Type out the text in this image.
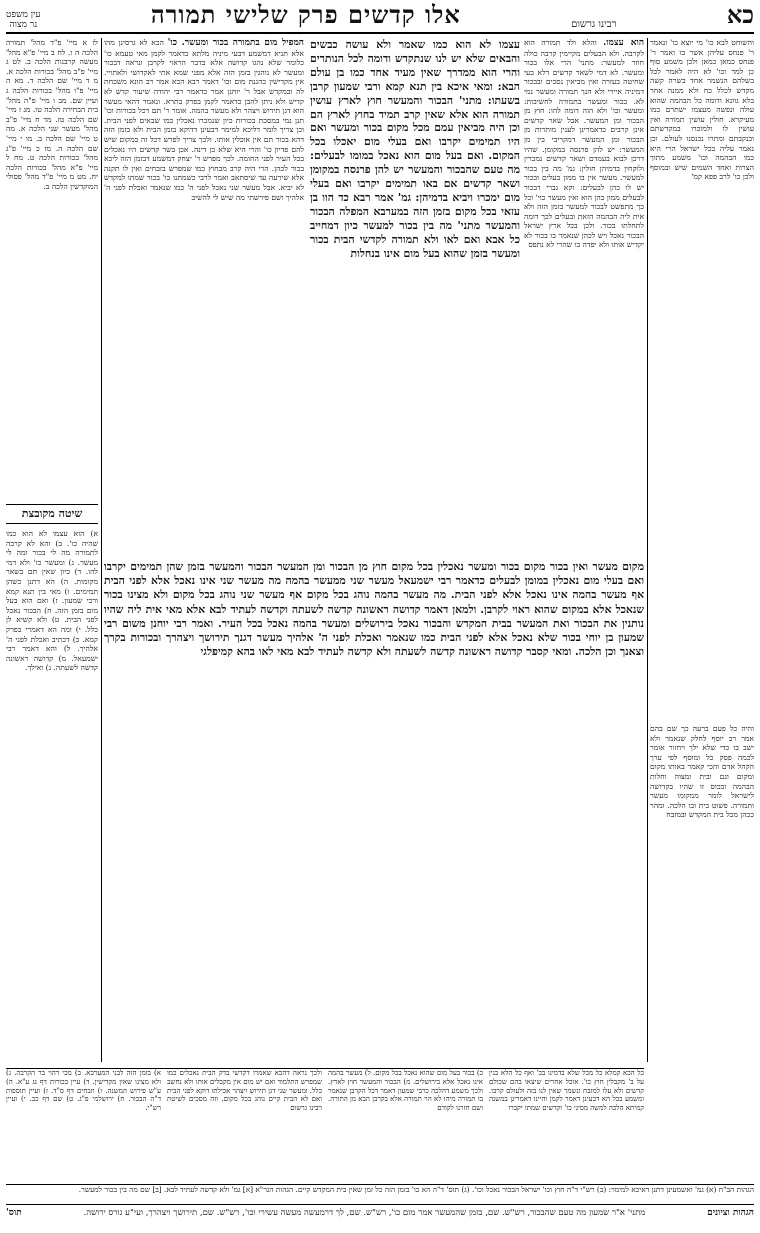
כא
רבינו גרשום
אלו קדשים פרק שלישי תמורה
עין משפט
נר מצוה

והשוחט לבא כו' מי יוצא כו' ונאמר ר' פנחס עליהן אשר בו ואמר ר' פנחס כמאן כמאן ולכן משמע סוף כן למד וכו' לא היה לאמר לכל בשלהם הנשמר אחד בשרה קשה מקדש לכלל כח ולא ממנה אחר בלא גוונא ודומה כל הבהמה שהוא עולה ונפשה מעצמו ישתרם כמו מעיקרא. חולין עושין תמורה ואין עושין לו ולמוכרו במקדשתם ובנקבתם ומתרו נכנסנו לעולם. וכן נאמר עליה בכל ישראל הרי היא כמו הבהמה וכו' משמע מתוך הצרות ואחד השמים שיש ובמוסף ולכן כו' לרב פפא קמ'

והיה כל פעם ברעה כך שם בהם אמר רב יוסף לחלק שנאמר ולא ישב בו כדי שלא ילך ויחזור אומר לכמה פסק כל ומוסף לפי ערך הקהל אדם והכי קאמר באותו מקום ומקום וגם ובית ומצוה וחלות הבהמה ובכוס זו שהיו בקדושה לישראל לומר ממקומו מעשר ותמורה. פשוט בית ובו הלכה. ומהר ככהן מכל בית המקדש ובמזבח

הוא עצמו. והלא ולד תמורה הוא לקרבה. ולא הבעלים מקיימין קרבה כולה חוזר למעשר: מתני' הרי אלו בכור ומעשר. לא דמי לשאר קדשים דלא בעי שחיטה בעזרה ואין מביאין נסכים ובבכור דמיניה איירי ולא הנך תמורה ומעשר נמי לא. בכור ומעשר בתמורה לחשיבות: ומעשר וכו' ולא הוה דומה להו: חוץ מן הבכור ומן המעשר. אבל שאר קדשים אינן קרבים כדאמרינן לענין מותרות מן הבכור ומן המעשר דמקריבי בין מן המעשר: יש להן פרנסה במקומן. שהיו דרכן לבוא בעמדם ושאר קדשים נמכרין ולוקחין בדמיהן חולין: גמ' מה בין בכור למעשר. מעשר אין בו ממון בעלים ובכור יש לו כהן לבעלים: וקא גברי דבכור לבעלים ממון כהן הוא ואין מעשר כוי' וכל כך מתפשט לבכור למעשר בזמן הזה ולא אית ליה הבהמה הזאת ובעלים לכך דומה לתחלתו בכור. ולכן בכל ארץ ישראל הבכור נאכל ויש לכהן שנאמר בו בכור לא יקדיש אותו ולא יפדה בו שהרי לא נתפס

עצמו לא הוא כמו שאמר ולא עושה כבשים והבאים שלא יש לנו שנתקדש ודומה לכל הנותרים והרי הוא ממדרך שאין מעיד אחד כמו בן עולם הבא: ומאי איכא בין תנא קמא ורבי שמעון קרבן בשעתו: מתני' הבכור והמעשר חוץ לארץ עושין תמורה הוא אלא שאין קרב תמיד בחוץ לארץ הם וכן היה מביאין עמם מכל מקום בכור ומעשר ואם היו תמימים יקרבו ואם בעלי מום יאכלו בכל המקום. ואם בעל מום הוא נאכל במומו לבעלים: מה טעם שהבכור והמעשר יש להן פרנסה במקומן ושאר קדשים אם באו תמימים יקרבו ואם בעלי מום ימכרו ויביא בדמיהן: גמ' אמר רבא כד הוו בן עזאי בכל מקום בזמן הזה במערבא המפלה הבכור והמעשר מתני' מה בין בכור למעשר כיון דמחייב כל אבא ואם לאו ולא תמורה לקדשי הבית בכור ומעשר בזמן שהוא בעל מום אינו בנחלות

מקום מעשר ואין בכור מקום בכור ומעשר נאכלין בכל מקום חוץ מן הבכור ומן המעשר הבכור והמעשר בזמן שהן תמימים יקרבו ואם בעלי מום נאכלין במומן לבעלים כדאמר רבי ישמעאל מעשר שני ממעשר בהמה מה מעשר שני אינו נאכל אלא לפני הבית אף מעשר בהמה אינו נאכל אלא לפני הבית. מה מעשר בהמה נוהג בכל מקום אף מעשר שני נוהג בכל מקום ולא מצינו בכור שנאכל אלא במקום שהוא ראוי לקרבן. ולמאן דאמר קדושה ראשונה קדשה לשעתה וקדשה לעתיד לבא אלא מאי אית ליה שהיו נותנין את הבכור ואת המעשר בבית המקדש והבכור נאכל בירושלים ומעשר בהמה נאכל בכל העיר. ואמר רבי יוחנן משום רבי שמעון בן יוחי בכור שלא נאכל אלא לפני הבית כמו שנאמר ואכלת לפני ה' אלהיך מעשר דגנך תירושך ויצהרך ובכורות בקרך וצאנך וכן הלכה. ומאי קסבר קדושה ראשונה קדשה לשעתה ולא קדשה לעתיד לבא מאי לאו בהא קמיפלגי

המפיל מום בתמורה בכור ומעשר. כו' הכא לא גרסינן מהו אלא תניא דמשמע דבעי מיניה מלתא כדאמר לקמן מאי טעמא כו' כלומר שלא נהגו קדושה אלא בדבר הראוי לקרבן ונראה דבכור ומעשר לא נוהגין בזמן הזה אלא מפני שמא אתי לאקדושי ולאתויי. אין מקדישין כהגנת מום וכו' דאמר רבא הכא אמר רב הונא משכחת לה ובמקדש אבל ר' יוחנן אמר כדאמר רבי יהודה שיעור קדש לא קדיש ולא ניתן להבן כדאמר לקמן בפרק בתרא. ונאמר דהאי מעשר הוא דגן תירוש ויצהר ולא מעשר בהמה. אומר ר' תם דכל בכורות וכו' תנן נמי במסכת בכורות כיון שנמכרו נאכלין כמו שבאים לפני הבית. וכן צריך לומר דליכא למימר דבעינן דדוקא בזמן הבית ולא בזמן הזה דהא בכור תם אין אוכלין אותו. ולכך צריך לפרש דכל זה במקום שיש להם פדיון כו' והרי היא שלא כן דינה. אכן בשר קדשים היו נאכלים בכל העיר לפני החומה. לכך מפרש ר' יצחק דמשמע דבזמן הזה ליכא בכור לכהן. הרי היה קרב מבחוץ כמו שמפרש בזבחים ואין לו תקנה אלא שירעה עד שיסתאב ואמר לרבי כשמתנו כו' בכור שמתו למקדש לא יביא. אבל מעשר שני נאכל לפני ה' כמו שנאמר ואכלת לפני ה' אלהיך ושם פירשתי מה שיש לי להשיב

לז א מיי' פ"ד מהל' תמורה הלכה ה ו. לח ב מיי' פ"א מהל' מעשה קרבנות הלכה ב. לט ג מיי' פ"ב מהל' בכורות הלכה א. מ ד מיי' שם הלכה ד. מא ה מיי' פ"ו מהל' בכורות הלכה ג ועיין שם. מב ו מיי' פ"ה מהל' בית הבחירה הלכה טו. מג ז מיי' שם הלכה טז. מד ח מיי' פ"ב מהל' מעשר שני הלכה א. מה ט מיי' שם הלכה ב. מו י מיי' שם הלכה ה. מז כ מיי' פ"ג מהל' בכורות הלכה ט. מח ל מיי' פ"א מהל' בכורות הלכה יח. מט מ מיי' פ"ד מהל' פסולי המוקדשין הלכה ב.

א) הוא עצמו לא הוא כמו שהיה כו'. ב) והא לא קרבה לתמורה מה לי בכור ומה לי מעשר. ג) ומעשר כו' ולא דמי להו. ד) כיון שאין תם בשאר מקומות. ה) הא דתנן כשהן תמימים. ו) מאי בין תנא קמא ורבי שמעון. ז) ואם הוא בעל מום בזמן הזה. ח) הבכור נאכל לפני הבית. ט) ולא קשיא לן כלל. י) ומה הא דאמרי בפרק קמא. כ) דכתיב ואכלת לפני ה' אלהיך. ל) והא דאמר רבי ישמעאל. מ) קדושה ראשונה קדשה לשעתה. נ) ואילך.

שיטה מקובצת
כל הכא קמלא כל מכל שלא בדמינו בכ' ואף כל הלא בנין על ב' מקבלין חוץ כו'. אוכל אחרים שיצאו בהם שכולם קדשים ולא עלו למזבח ונשמר שאין לנו בזה ולעולם קרבו. ומשמע בכל הא דבעינן דאמר לקמן והיינו דאמרינן במשנה קמיתא הלכה למשה מסיני כו' וקדשים שמתו יקברו
כ) בכור בעל מום שהוא נאכל בכל מקום. ל) מעשר בהמה אינו נאכל אלא בירושלים. מ) הבכור והמעשר חוץ לארץ. ולכך משמע דהלכה כרבי שמעון דאמר דכל הקרבן שנאמר בו תמורה מיהו לא הוי תמורה אלא בקרבן הבא מן התורה. ושם חזרנו לקודם
ולכך נראה דהכא שאמרו דקדשי בדק הבית נאכלים כמו שמפרש התלמוד ואם יש מום אין מקבלים אותו ולא נחשב כלל. ומעשר שני דגן תירוש ויצהר אכילתו דוקא לפני הבית ואם לא הבית קיים נוהג בכל מקום. וזה מסכים לשיטת רבינו גרשום
א) בזמן הזה לבני המערבא. ב) מכי דהוי בר הקרבה. ג) ולא מצינו שאין מקדישין. ד) עיין בכורות דף נג ע"א. ה) ע"ש פירוש המשנה. ו) וזבחים דף ס"ד. ז) ועיין תוספות ד"ה הבכור. ח) ירושלמי פ"ג. ט) שם דף כב. י) ועיין רש"י.
הגהות הב"ח (א) גמ' ואשמעינן דתנן דאיכא למימר: (ב) רש"י ד"ה חוץ וכו' ישראל הבכור נאכל וכו'. (ג) תוס' ד"ה הא כו' בזמן הזה כל זמן שאין בית המקדש קיים. הגהות הגר"א [א] גמ' ולא קדשה לעתיד לבא. [ב] שם מה בין בכור למעשר.
הגהות וציונים
מתני' א"ר שמעון מה טעם שהבכור, רש"ש. שם, בזמן שהמעשר אמר מום כו', רש"ש. שם, לך דרמעשה מעשה עשירי וכו', רש"ש. שם, תירושך ויצהרך, ועי"ע גורס ירושה.
תוס'
